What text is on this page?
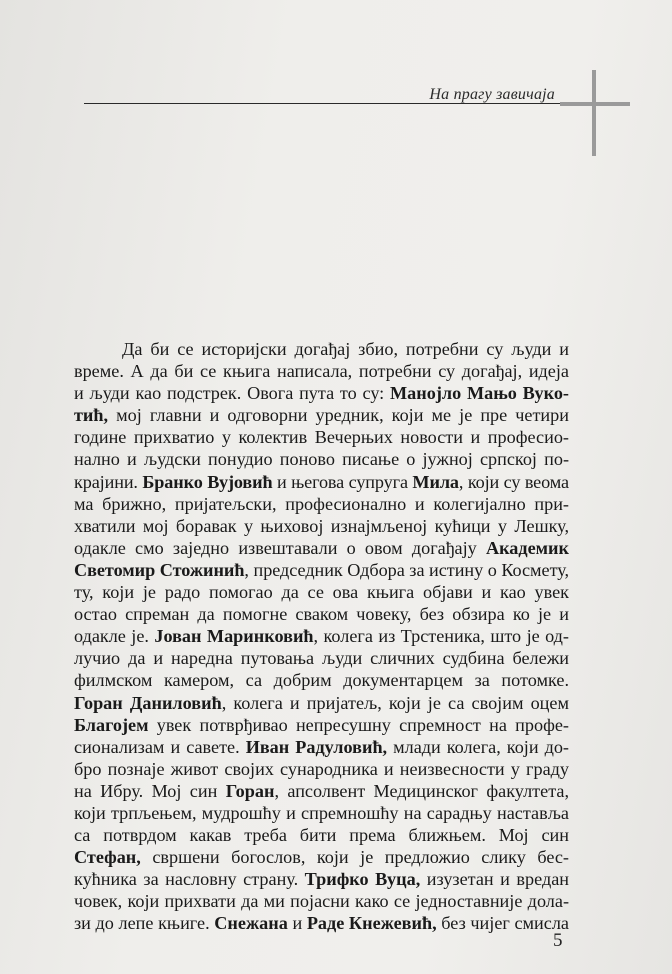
На прагу завичаја
Да би се историјски догађај збио, потребни су људи и
време. А да би се књига написала, потребни су догађај, идеја
и људи као подстрек. Овога пута то су: Манојло Мањо Вуко-
тић, мој главни и одговорни уредник, који ме је пре четири
године прихватио у колектив Вечерњих новости и професио-
нално и људски понудио поново писање о јужној српској по-
крајини. Бранко Вујовић и његова супруга Мила, који су веома
ма брижно, пријатељски, професионално и колегијално при-
хватили мој боравак у њиховој изнајмљеној кућици у Лешку,
одакле смо заједно извештавали о овом догађају Академик
Светомир Стожинић, председник Одбора за истину о Космету,
ту, који је радо помогао да се ова књига објави и као увек
остао спреман да помогне сваком човеку, без обзира ко је и
одакле је. Јован Маринковић, колега из Трстеника, што је од-
лучио да и наредна путовања људи сличних судбина бележи
филмском камером, са добрим документарцем за потомке.
Горан Даниловић, колега и пријатељ, који је са својим оцем
Благојем увек потврђивао непресушну спремност на профе-
сионализам и савете. Иван Радуловић, млади колега, који до-
бро познаје живот својих сународника и неизвесности у граду
на Ибру. Мој син Горан, апсолвент Медицинског факултета,
који трпљењем, мудрошћу и спремношћу на сарадњу наставља
са потврдом какав треба бити према ближњем. Мој син
Стефан, свршени богослов, који је предложио слику бес-
кућника за насловну страну. Трифко Вуца, изузетан и вредан
човек, који прихвати да ми појасни како се једноставније дола-
зи до лепе књиге. Снежана и Раде Кнежевић, без чијег смисла
5
